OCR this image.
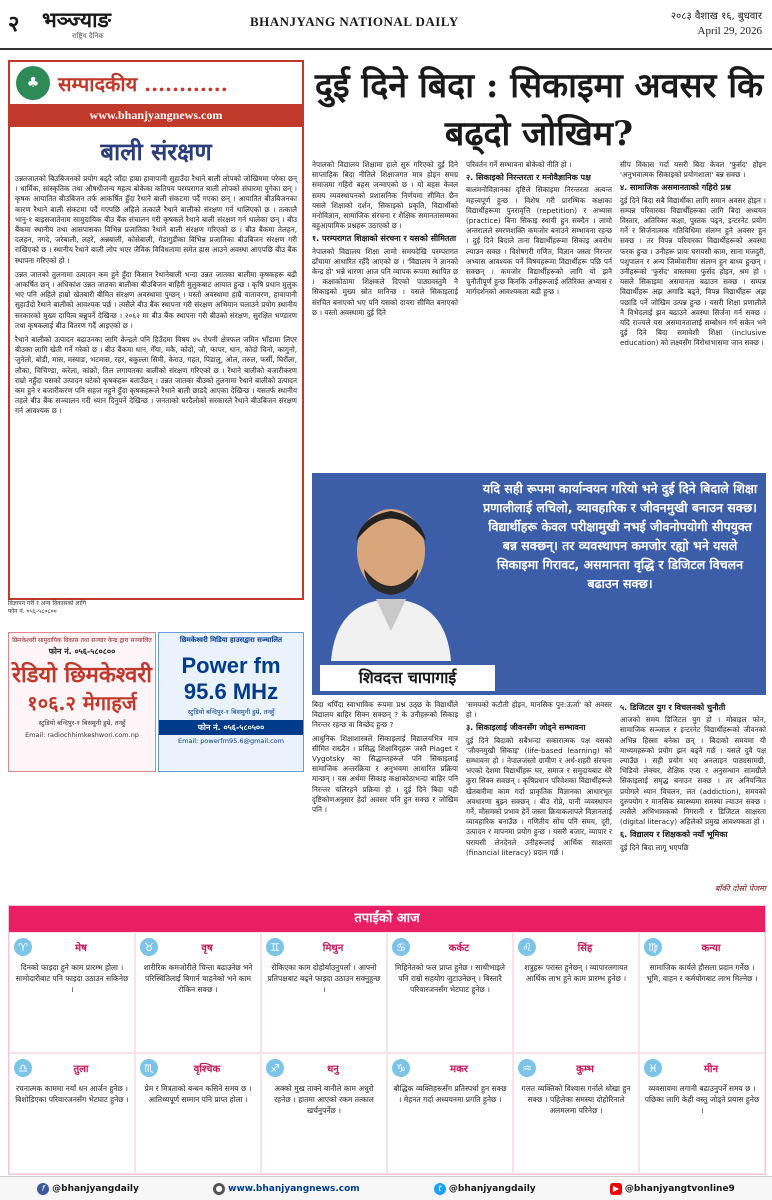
२ भञ्ज्याङ
राष्ट्रिय दैनिक
BHANJYANG NATIONAL DAILY	२०८३ वैशाख १६, बुधवार
April 29, 2026
♣ सम्पादकीय ............
www.bhanjyangnews.com
बाली संरक्षण

उन्नतजातको बिउबिजनको प्रयोग बढ्दै जाँदा हाम्रा हावापानी सुहाउँदा रैथाने बाली लोपको जोखिममा परेका छन् । धार्मिक, सांस्कृतिक तथा औषधीजन्य महत्व बोकेका कतिपय परम्परागत बाली लोपको संघारमा पुगेका छन् । कृषक आयातित बीउबिजन तर्फ आकर्षित हुँदा रैथाने बाली संकटमा पर्दै गएका छन् । आयातित बीउबिजनका कारण रैथाने बाली संकटमा पर्दै गएपछि अहिले तत्कालै रैथाने बालीको संरक्षण गर्न थालिएको छ । तत्कालै भानु-१ बाइसजातेनाम सामुदायिक बीउ बैंक संचालन गरी कृषकले रैथाने बाली संरक्षण गर्न थालेका छन् । बीउ बैंकमा स्थानीय तथा आसपासका विभिन्न प्रजातिका रैथाने बाली संरक्षण गरिएको छ । बीउ बैंकमा तेलहन, दलहन, नगदे, जरेबाली, लहरे, अन्नबाली, कोसेबाली, गेडागुडीका विभिन्न प्रजातिका बीउबिजन संरक्षण गरी राखिएको छ । स्थानीय रैथाने बाली लोप भएर जैविक विविधतामा समेत ह्रास आउने अवस्था आएपछि बीउ बैंक स्थापना गरिएको हो ।

उन्नत जातको तुलनामा उत्पादन कम हुने हुँदा किसान रैथानेबाली भन्दा उन्नत जातका बालीमा कृषकहरू बढी आकर्षित छन् । अधिकांश उन्नत जातका बालीका बीउबिजन बाहिरी मुलुकबाट आयात हुन्छ । कृषि प्रधान मुलुक भए पनि अहिले हाम्रो खेतबारी बीमित संरक्षण अवस्थामा पुग्छन् । यस्तो अवस्थामा हाम्रै वातावरण, हावापानी सुहाउँदो रैथाने बालीको आवश्यक पर्छ । त्यसैले बीउ बैंक स्थापना गरी संरक्षण अभियान चलाउने प्रयोग स्थानीय सरकारको मुख्य दायित्व बन्नुपर्ने देखिन्छ । २०६२ मा बीउ बैंक स्थापना गरी बीउको संरक्षण, सुरक्षित भण्डारण तथा कृषकलाई बीउ वितरण गर्दै आइएको छ ।

रैथाने बालीको उत्पादन बढाउनका लागि केन्द्रले पनि हिउँदमा विषय ४५ रोपनी क्षेत्रफल जमिन भाँडामा लिएर बीउका लागि खेती गर्ने गरेको छ । बीउ बैंकमा धान, गेँया, मकै, कोदो, जौ, फापर, धान, कोदो चिनो, कागुनो, जुनेलो, बोडी, मास, मस्याङ, भटमास, रहर, बकुल्ला सिमी, केराउ, गहत, पिडालु, ओल, तरुल, फर्सी, घिरौंला, लौका, चिचिण्डा, करेला, कांक्रो, तिल लगायतका बालीको संरक्षण गरिएको छ । रैथाने बालीको बजारीकरण राम्रो नहुँदा यसको उत्पादन घटेको कृषकहरू बताउँछन् । उन्नत जातका बीउको तुलनामा रैथाने बालीको उत्पादन कम हुने र बजारीकरण पनि सहज नहुने हुँदा कृषकहरूले रैथाने बाली छाडदै आएका देखिन्छ । यसतर्फ स्थानीय तहले बीउ बैंक सञ्चालन गरी ध्यान दिनुपर्ने देखिन्छ । जनताको घरदैलोको सरकारले रैथाने बीउबिजन संरक्षण गर्न आवश्यक छ ।

विज्ञापन गरी र अन्य विकासको लागि
फोन नं. ०५६-५८०८००
छिमकेश्वरी सामुदायिक विकास तथा सञ्चार केन्द्र द्वारा सञ्चालित
फोन नं. ०५६-५८०८००
रेडियो छिमकेश्वरी
१०६.२ मेगाहर्ज
स्टुडियो बन्दिपुर-१ बिसमुनी डुम्रे, तनहुँ
Email: radiochhimkeshwori.com.np
छिमकेश्वरी मिडिया हाउसद्वारा सञ्चालित
Power fm
95.6 MHz
स्टुडियो बन्दिपुर-१ बिसमुनी डुम्रे, तनहुँ
फोन नं. ०५६-५८०५००
Email: powerfm95.6@gmail.com
दुई दिने बिदा : सिकाइमा अवसर कि बढ्दो जोखिम?

नेपालको विद्यालय शिक्षामा हाले सुरु गरिएको दुई दिने साप्ताहिक बिदा नीतिले शिक्षाजगत मात्र होइन समग्र समाजमा गहिरो बहस जन्माएको छ । यो बहस केवल समय व्यवस्थापनको प्रशासनिक निर्णयमा सीमित छैन यसले शिक्षाको दर्शन, सिकाइको प्रकृति, विद्यार्थीको मनोविज्ञान, सामाजिक संरचना र शैक्षिक समानतासम्मका बहुआयामिक प्रश्नहरू उठाएको छ ।

१. परम्परागत शिक्षाको संरचना र यसको सीमितता

नेपालको विद्यालय शिक्षा लामो समयदेखि परम्परागत ढाँचामा आधारित रहँदै आएको छ । 'विद्यालय ने ज्ञानको केन्द्र हो' भन्ने धारणा आज पनि व्यापक रूपमा स्थापित छ । कक्षाकोठामा शिक्षकले दिएको पाठ्यवस्तुमै नै सिकाइको मुख्य स्रोत मानिन्छ । यसले सिकाइलाई संरचित बनाएको भए पनि यसको दायरा सीमित बनाएको छ । यस्तो अवस्थामा दुई दिने

परिवर्तन गर्ने सम्भावना बोकेको नीति हो ।

२. सिकाइको निरन्तरता र मनोवैज्ञानिक पक्ष

बालमनोविज्ञानका दृष्टिले सिकाइमा निरन्तरता अत्यन्त महत्त्वपूर्ण हुन्छ । विशेष गरी प्रारम्भिक कक्षाका विद्यार्थीहरूमा पुनरावृत्ति (repetition) र अभ्यास (practice) बिना सिकाइ स्थायी हुन सक्दैन । लामो अन्तरालले स्मरणशक्ति कमजोर बनाउने सम्भावना रहन्छ । दुई दिने बिदाले ताना विद्यार्थीहरूमा सिकाइ अवरोध ल्याउन सक्छ । विशेषगरी गणित, विज्ञान जस्ता निरन्तर अभ्यास आवश्यक पर्ने विषयहरूमा विद्यार्थीहरू पछि पर्न सक्छन् । कमजोर विद्यार्थीहरूको लागि यो झनै चुनौतीपूर्ण हुन्छ किनकि उनीहरूलाई अतिरिक्त अभ्यास र मार्गदर्शनको आवश्यकता बढी हुन्छ ।

सीप विकास गर्दा यसरी बिदा केवल 'फुर्सद' होइन 'अनुभवात्मक सिकाइको प्रयोगशाला' बन्न सक्छ ।

४. सामाजिक असमानताको गहिरो प्रश्न

दुई दिने बिदा सबै विद्यार्थीका लागि समान अवसर होइन । सम्पन्न परिवारका विद्यार्थीहरूका लागि बिदा अध्ययन विस्तार, अतिरिक्त कक्षा, पुस्तक पढ्न, इन्टरनेट प्रयोग गर्ने र सिर्जनात्मक गतिविधिमा संलग्न हुने अवसर हुन सक्छ । तर विपन्न परिवारका विद्यार्थीहरूको अवस्था फरक हुन्छ । उनीहरू प्रायः घरायसी काम, साना मजदुरी, पशुपालन र अन्य जिम्मेवारीमा संलग्न हुन बाध्य हुन्छन् । उनीहरूको 'फुर्सद' वास्तवमा फुर्सद होइन, श्रम हो । यसले सिकाइमा असमानता बढाउन सक्छ । सम्पन्न विद्यार्थीहरू अझ अगाडि बढ्ने, विपन्न विद्यार्थीहरू अझ पछाडि पर्ने जोखिम उत्पन्न हुन्छ । यसरी शिक्षा प्रणालीले नै विभेदलाई झन बढाउने अवस्था सिर्जना गर्न सक्छ । यदि राज्यले यस असमानतालाई सम्बोधन गर्न सकेन भने दुई दिने बिदा समावेशी शिक्षा (inclusive education) को लक्ष्यसँग विरोधाभासमा जान सक्छ ।

यदि सही रूपमा कार्यान्वयन गरियो भने दुई दिने बिदाले शिक्षा प्रणालीलाई लचिलो, व्यावहारिक र जीवनमुखी बनाउन सक्छ। विद्यार्थीहरू केवल परीक्षामुखी नभई जीवनोपयोगी सीपयुक्त बन्न सक्छन्। तर व्यवस्थापन कमजोर रह्यो भने यसले सिकाइमा गिरावट, असमानता वृद्धि र डिजिटल विचलन बढाउन सक्छ।
शिवदत्त चापागाई

बिदा थपिँदा स्वाभाविक रूपमा प्रश्न उठ्छ के विद्यार्थीले विद्यालय बाहिर सिक्न सक्छन् ? के उनीहरूको सिकाइ निरन्तर रहन्छ वा विच्छेद हुन्छ ?

आधुनिक शिक्षाशास्त्रले सिकाइलाई विद्यालयभित्र मात्र सीमित राख्दैन । प्रसिद्ध शिक्षाविद्हरू जस्तै Piaget र Vygotsky का सिद्धान्तहरूले पनि सिकाइलाई सामाजिक अन्तरक्रिया र अनुभवमा आधारित प्रक्रिया मान्छन् । यस अर्थमा सिकाइ कक्षाकोठाभन्दा बाहिर पनि निरन्तर चलिरहने प्रक्रिया हो । दुई दिने बिदा यही दृष्टिकोणअनुसार हेर्दा अवसर पनि हुन सक्छ र जोखिम पनि ।

'समयको कटौती होइन, मानसिक पुन:ऊर्जा' को अवसर हो ।

३. सिकाइलाई जीवनसँग जोड्ने सम्भावना

दुई दिने बिदाको सबैभन्दा सकारात्मक पक्ष यसको 'जीवनमुखी सिकाइ' (life-based learning) को सम्भावना हो । नेपालजस्तो ग्रामीण र अर्ध-शहरी संरचना भएको देशमा विद्यार्थीहरू घर, समाज र समुदायबाट धेरै कुरा सिक्न सक्छन् । कृषिप्रधान परिवेशका विद्यार्थीहरूले खेतबारीमा काम गर्दा प्राकृतिक विज्ञानका आधारभूत अवधारणा बुझ्न सक्छन् । बीउ रोप्ने, पानी व्यवस्थापन गर्ने, मौसमको प्रभाव हेर्ने जस्ता क्रियाकलापले विज्ञानलाई व्यावहारिक बनाउँछ । गणितीय सोच पनि समय, दूरी, उत्पादन र मापनमा प्रयोग हुन्छ । यसरी बजार, व्यापार र घरायसी लेनदेनले उनीहरूलाई आर्थिक साक्षरता (financial literacy) प्रदान गर्छ ।

५. डिजिटल युग र विचलनको चुनौती

आजको समय डिजिटल युग हो । मोबाइल फोन, सामाजिक सञ्जाल र इन्टरनेट विद्यार्थीहरूको जीवनको अभिन्न हिस्सा बनेका छन् । बिदाको समयमा यी माध्यमहरूको प्रयोग झन बढ्ने गर्छ । यसले दुवै पक्ष ल्याउँछ । सही प्रयोग भए अनलाइन पाठ्यसामग्री, भिडियो लेक्चर, शैक्षिक एप्स र अनुसन्धान सामग्रीले सिकाइलाई समृद्ध बनाउन सक्छ । तर अनियन्त्रित प्रयोगले ध्यान विचलन, लत (addiction), समयको दुरुपयोग र मानसिक स्वास्थ्यमा समस्या ल्याउन सक्छ । त्यसैले अभिभावकको निगरानी र डिजिटल साक्षरता (digital literacy) अहिलेको प्रमुख आवश्यकता हो ।

६. विद्यालय र शिक्षकको नयाँ भूमिका

दुई दिने बिदा लागू भएपछि

बाँकी दोस्रो पेजमा
तपाईंको आज
♈	मेष
दिनको फाइदा हुने काम प्रारम्भ होला । सामोदारीबाट पनि फाइदा उठाउन सकिनेछ ।
♉	वृष
शारीरिक कमजोरीले चिन्ता बढाउनेछ भने परिस्थितिलाई बिगार्न चाहनेको भने काम रोकिन सक्छ ।
♊	मिथुन
रोकिएका काम दोहोर्याउनुपर्ला । आफ्नो प्रतिपक्षबाट बढ्ने फाइदा उठाउन सक्नुहुन्छ ।
♋	कर्कट
मिहिनेतको फल प्राप्त हुनेछ । साथीभाइले पनि राम्रो सहयोग जुटाउनेछन् । बिस्तारै परिवारजनसँग भेटघाट हुनेछ ।
♌	सिंह
शत्रुहरू परास्त हुनेछन् । व्यापारलगायत आर्थिक लाभ हुने काम प्रारम्भ हुनेछ ।
♍	कन्या
सामाजिक कार्यले हौसला प्रदान गर्नेछ । भूमि, वाहन र कर्मयोगबाट लाभ मिल्नेछ ।
♎	तुला
रचनात्मक काममा नयाँ धन आर्जन हुनेछ । बिशोडिएका परिवारजनसँग भेटघाट हुनेछ ।
♏	वृश्चिक
प्रेम र मित्रताको बन्धन कसिने समय छ । आतिथ्यपूर्ण सम्मान पनि प्राप्त होला ।
♐	धनु
अक्को मुख ताक्ने बानीले काम अधुरो रहनेछ । हातमा आएको रकम तत्काल खर्चनुपर्नेछ ।
♑	मकर
बौद्धिक व्यक्तिहरूसँग प्रतिस्पर्धा हुन सक्छ । मेहनत गर्दा अध्ययनमा प्रगति हुनेछ ।
♒	कुम्भ
गलत व्यक्तिको विश्वास गर्नाले धोखा हुन सक्छ । पहिलेका समस्या दोहोरिनाले अलमलमा परिनेछ ।
♓	मीन
व्यवसायमा लगानी बढाउनुपर्ने समय छ । पछिका लागि केही वस्तु जोड्ने प्रयास हुनेछ ।
f @bhanjyangdaily	● www.bhanjyangnews.com	t @bhanjyangdaily	▶ @bhanjyangtvonline9
